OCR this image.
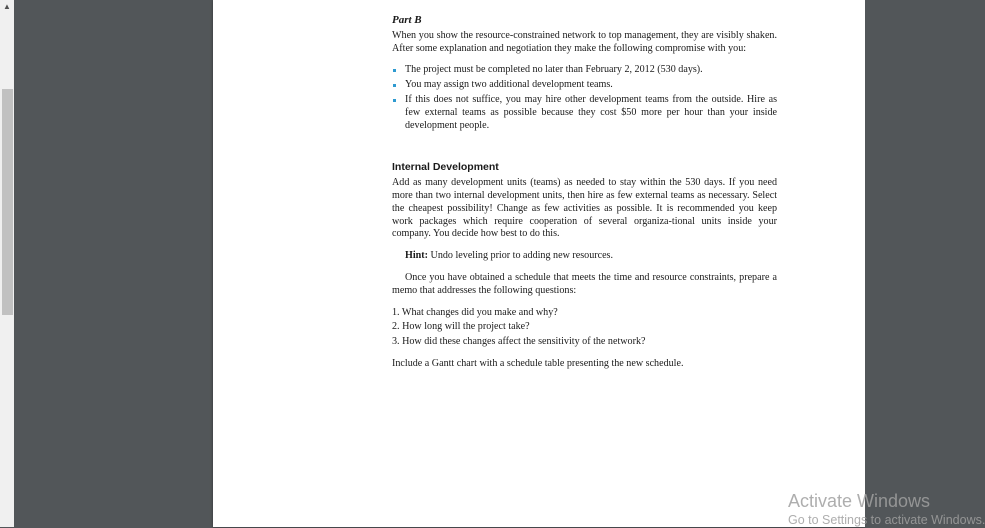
▲

Part B

When you show the resource-constrained network to top management, they are visibly shaken. After some explanation and negotiation they make the following compromise with you:

The project must be completed no later than February 2, 2012 (530 days).
You may assign two additional development teams.
If this does not suffice, you may hire other development teams from the outside. Hire as few external teams as possible because they cost $50 more per hour than your inside development people.

Internal Development

Add as many development units (teams) as needed to stay within the 530 days. If you need more than two internal development units, then hire as few external teams as necessary. Select the cheapest possibility! Change as few activities as possible. It is recommended you keep work packages which require cooperation of several organiza-tional units inside your company. You decide how best to do this.

Hint: Undo leveling prior to adding new resources.

Once you have obtained a schedule that meets the time and resource constraints, prepare a memo that addresses the following questions:

1. What changes did you make and why?
2. How long will the project take?
3. How did these changes affect the sensitivity of the network?

Include a Gantt chart with a schedule table presenting the new schedule.

Activate Windows
Go to Settings to activate Windows.
